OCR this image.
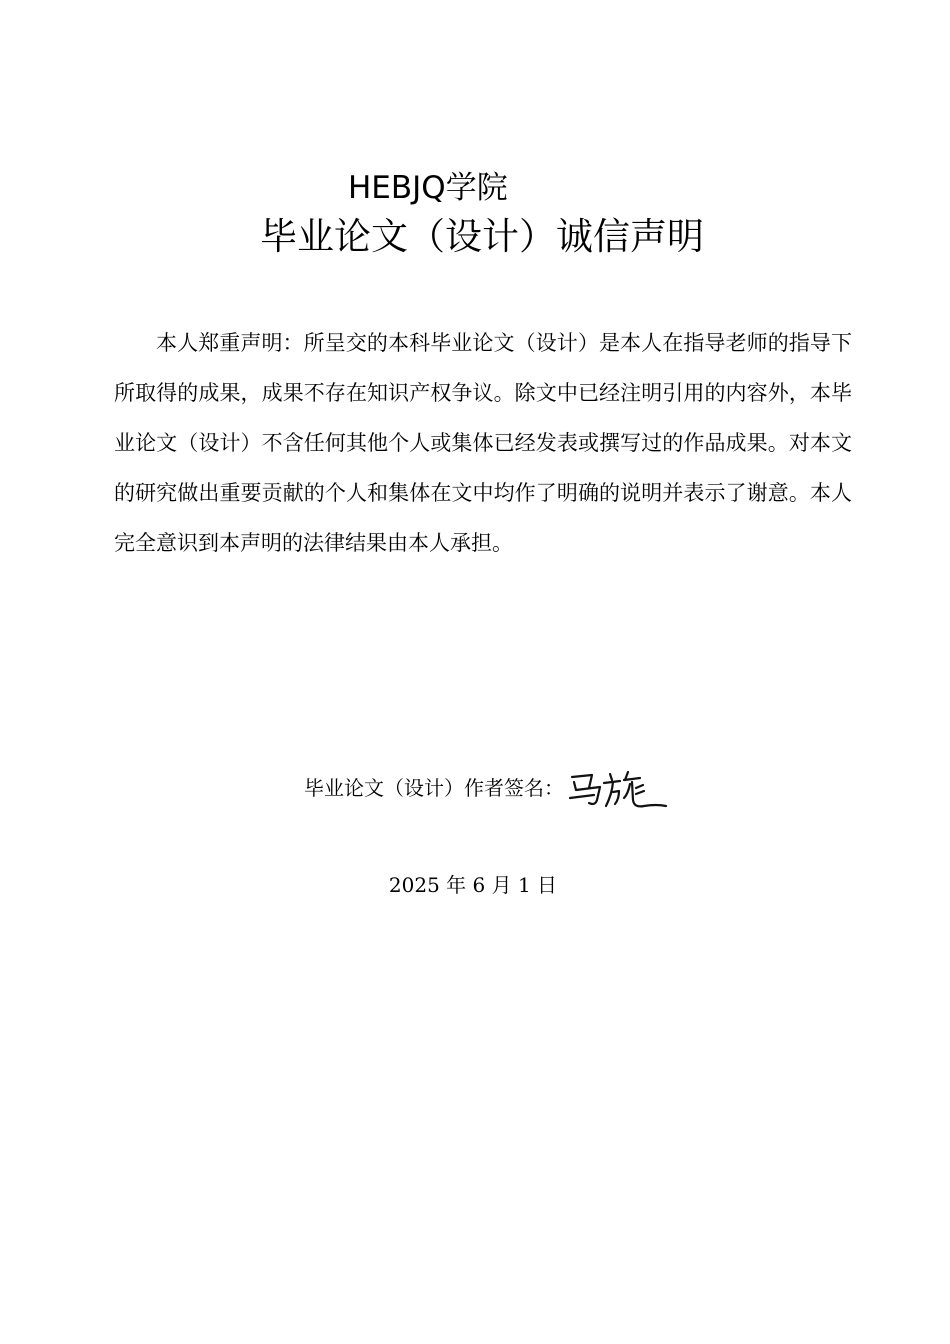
HEBJQ学院
毕业论文（设计）诚信声明

本人郑重声明：所呈交的本科毕业论文（设计）是本人在指导老师的指导下所取得的成果，成果不存在知识产权争议。除文中已经注明引用的内容外，本毕业论文（设计）不含任何其他个人或集体已经发表或撰写过的作品成果。对本文的研究做出重要贡献的个人和集体在文中均作了明确的说明并表示了谢意。本人完全意识到本声明的法律结果由本人承担。

毕业论文（设计）作者签名：
2025 年 6 月 1 日
